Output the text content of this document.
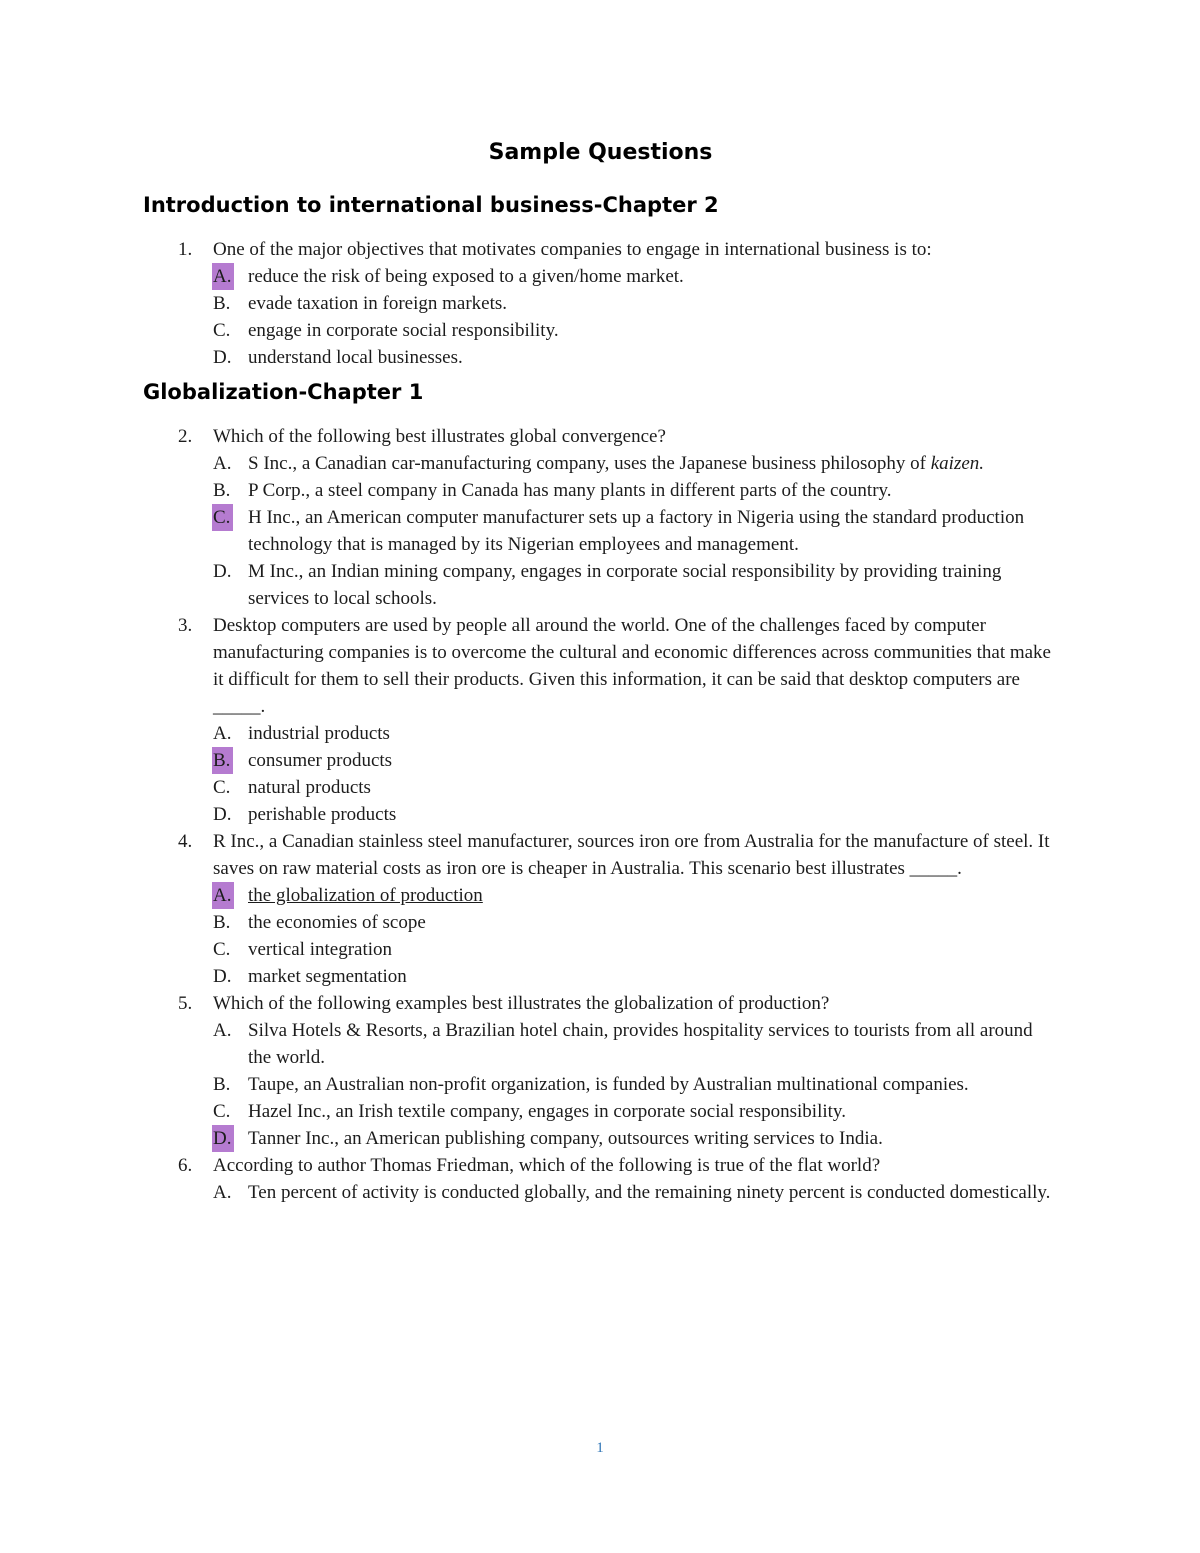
Sample Questions
Introduction to international business-Chapter 2
1.	One of the major objectives that motivates companies to engage in international business is to:
A. reduce the risk of being exposed to a given/home market.
B. evade taxation in foreign markets.
C. engage in corporate social responsibility.
D. understand local businesses.
Globalization-Chapter 1
2.	Which of the following best illustrates global convergence?
A. S Inc., a Canadian car-manufacturing company, uses the Japanese business philosophy of kaizen.
B. P Corp., a steel company in Canada has many plants in different parts of the country.
C. H Inc., an American computer manufacturer sets up a factory in Nigeria using the standard production technology that is managed by its Nigerian employees and management.
D. M Inc., an Indian mining company, engages in corporate social responsibility by providing training services to local schools.
3.	Desktop computers are used by people all around the world. One of the challenges faced by computer manufacturing companies is to overcome the cultural and economic differences across communities that make it difficult for them to sell their products. Given this information, it can be said that desktop computers are _____.
A. industrial products
B. consumer products
C. natural products
D. perishable products
4.	R Inc., a Canadian stainless steel manufacturer, sources iron ore from Australia for the manufacture of steel. It saves on raw material costs as iron ore is cheaper in Australia. This scenario best illustrates _____.
A. the globalization of production
B. the economies of scope
C. vertical integration
D. market segmentation
5.	Which of the following examples best illustrates the globalization of production?
A. Silva Hotels & Resorts, a Brazilian hotel chain, provides hospitality services to tourists from all around the world.
B. Taupe, an Australian non-profit organization, is funded by Australian multinational companies.
C. Hazel Inc., an Irish textile company, engages in corporate social responsibility.
D. Tanner Inc., an American publishing company, outsources writing services to India.
6.	According to author Thomas Friedman, which of the following is true of the flat world?
A. Ten percent of activity is conducted globally, and the remaining ninety percent is conducted domestically.
1
